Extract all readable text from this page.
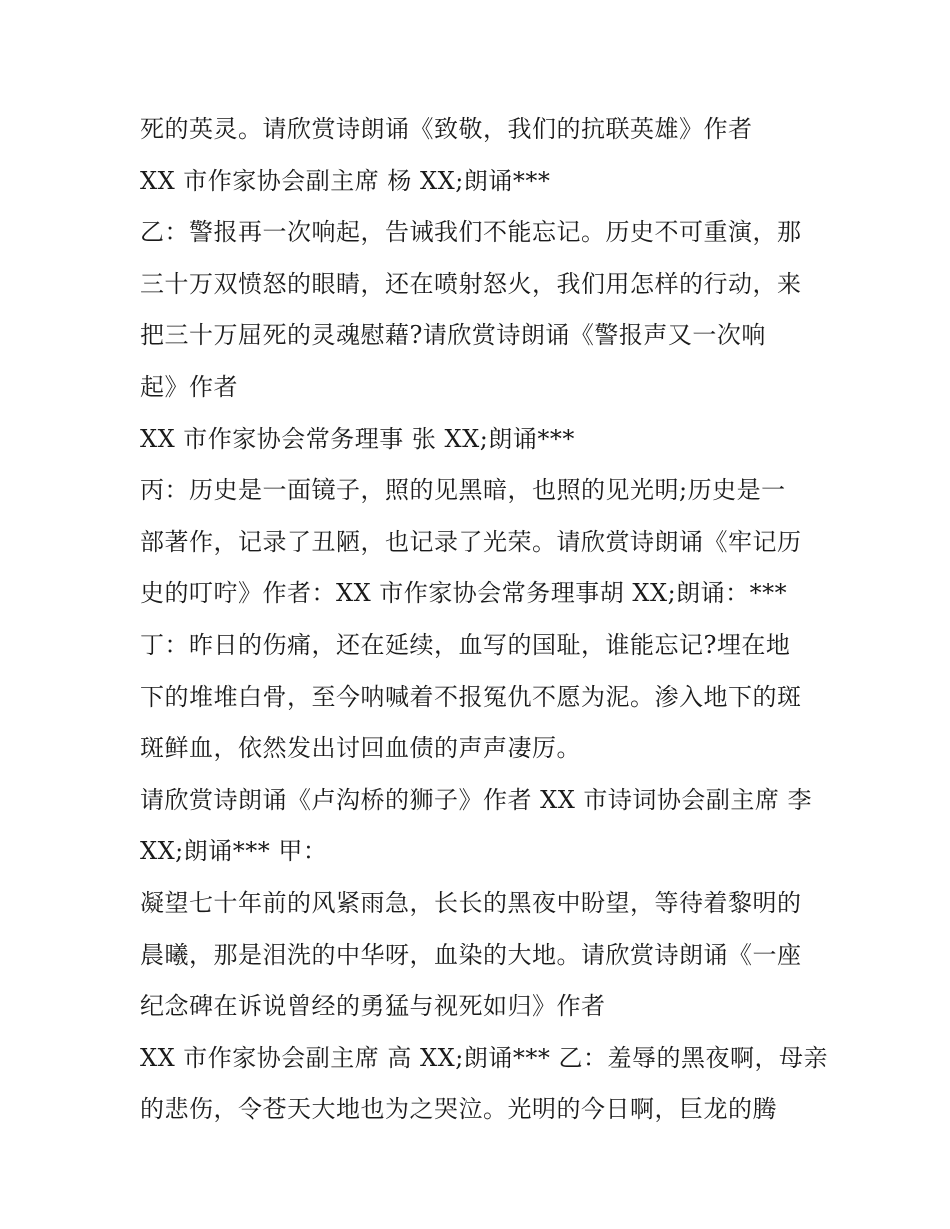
死的英灵。请欣赏诗朗诵《致敬，我们的抗联英雄》作者
XX 市作家协会副主席 杨 XX;朗诵***
乙：警报再一次响起，告诫我们不能忘记。历史不可重演，那
三十万双愤怒的眼睛，还在喷射怒火，我们用怎样的行动，来
把三十万屈死的灵魂慰藉?请欣赏诗朗诵《警报声又一次响
起》作者
XX 市作家协会常务理事 张 XX;朗诵***
丙：历史是一面镜子，照的见黑暗，也照的见光明;历史是一
部著作，记录了丑陋，也记录了光荣。请欣赏诗朗诵《牢记历
史的叮咛》作者：XX 市作家协会常务理事胡 XX;朗诵：***
丁：昨日的伤痛，还在延续，血写的国耻，谁能忘记?埋在地
下的堆堆白骨，至今呐喊着不报冤仇不愿为泥。渗入地下的斑
斑鲜血，依然发出讨回血债的声声凄厉。
请欣赏诗朗诵《卢沟桥的狮子》作者 XX 市诗词协会副主席 李
XX;朗诵*** 甲：
凝望七十年前的风紧雨急，长长的黑夜中盼望，等待着黎明的
晨曦，那是泪洗的中华呀，血染的大地。请欣赏诗朗诵《一座
纪念碑在诉说曾经的勇猛与视死如归》作者
XX 市作家协会副主席 高 XX;朗诵*** 乙：羞辱的黑夜啊，母亲
的悲伤，令苍天大地也为之哭泣。光明的今日啊，巨龙的腾
